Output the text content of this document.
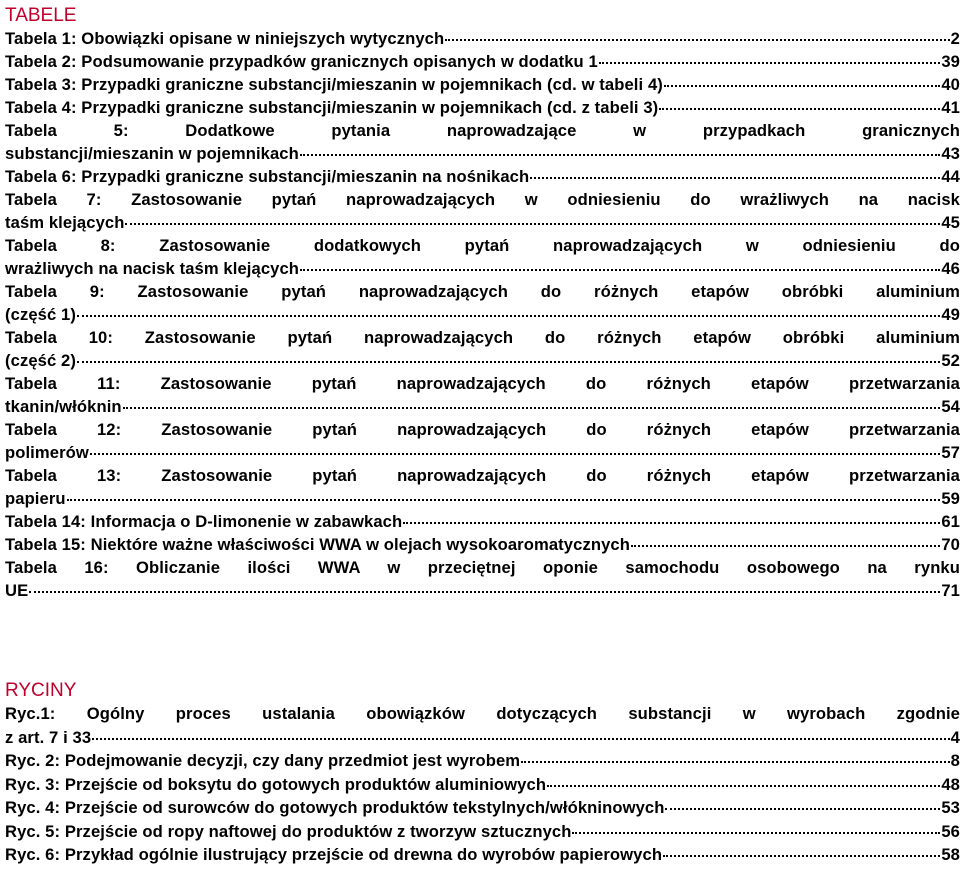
TABELE
Tabela 1: Obowiązki opisane w niniejszych wytycznych	2
Tabela 2: Podsumowanie przypadków granicznych opisanych w dodatku 1	39
Tabela 3: Przypadki graniczne substancji/mieszanin w pojemnikach (cd. w tabeli 4)	40
Tabela 4: Przypadki graniczne substancji/mieszanin w pojemnikach (cd. z tabeli 3)	41
Tabela 5: Dodatkowe pytania naprowadzające w przypadkach granicznych
substancji/mieszanin w pojemnikach	43
Tabela 6: Przypadki graniczne substancji/mieszanin na nośnikach	44
Tabela 7: Zastosowanie pytań naprowadzających w odniesieniu do wrażliwych na nacisk
taśm klejących	45
Tabela 8: Zastosowanie dodatkowych pytań naprowadzających w odniesieniu do
wrażliwych na nacisk taśm klejących	46
Tabela 9: Zastosowanie pytań naprowadzających do różnych etapów obróbki aluminium
(część 1)	49
Tabela 10: Zastosowanie pytań naprowadzających do różnych etapów obróbki aluminium
(część 2)	52
Tabela 11: Zastosowanie pytań naprowadzających do różnych etapów przetwarzania
tkanin/włóknin	54
Tabela 12: Zastosowanie pytań naprowadzających do różnych etapów przetwarzania
polimerów	57
Tabela 13: Zastosowanie pytań naprowadzających do różnych etapów przetwarzania
papieru	59
Tabela 14: Informacja o D-limonenie w zabawkach	61
Tabela 15: Niektóre ważne właściwości WWA w olejach wysokoaromatycznych	70
Tabela 16: Obliczanie ilości WWA w przeciętnej oponie samochodu osobowego na rynku
UE	71
RYCINY
Ryc.1: Ogólny proces ustalania obowiązków dotyczących substancji w wyrobach zgodnie
z art. 7 i 33	4
Ryc. 2: Podejmowanie decyzji, czy dany przedmiot jest wyrobem	8
Ryc. 3: Przejście od boksytu do gotowych produktów aluminiowych	48
Ryc. 4: Przejście od surowców do gotowych produktów tekstylnych/włókninowych	53
Ryc. 5: Przejście od ropy naftowej do produktów z tworzyw sztucznych	56
Ryc. 6: Przykład ogólnie ilustrujący przejście od drewna do wyrobów papierowych	58
